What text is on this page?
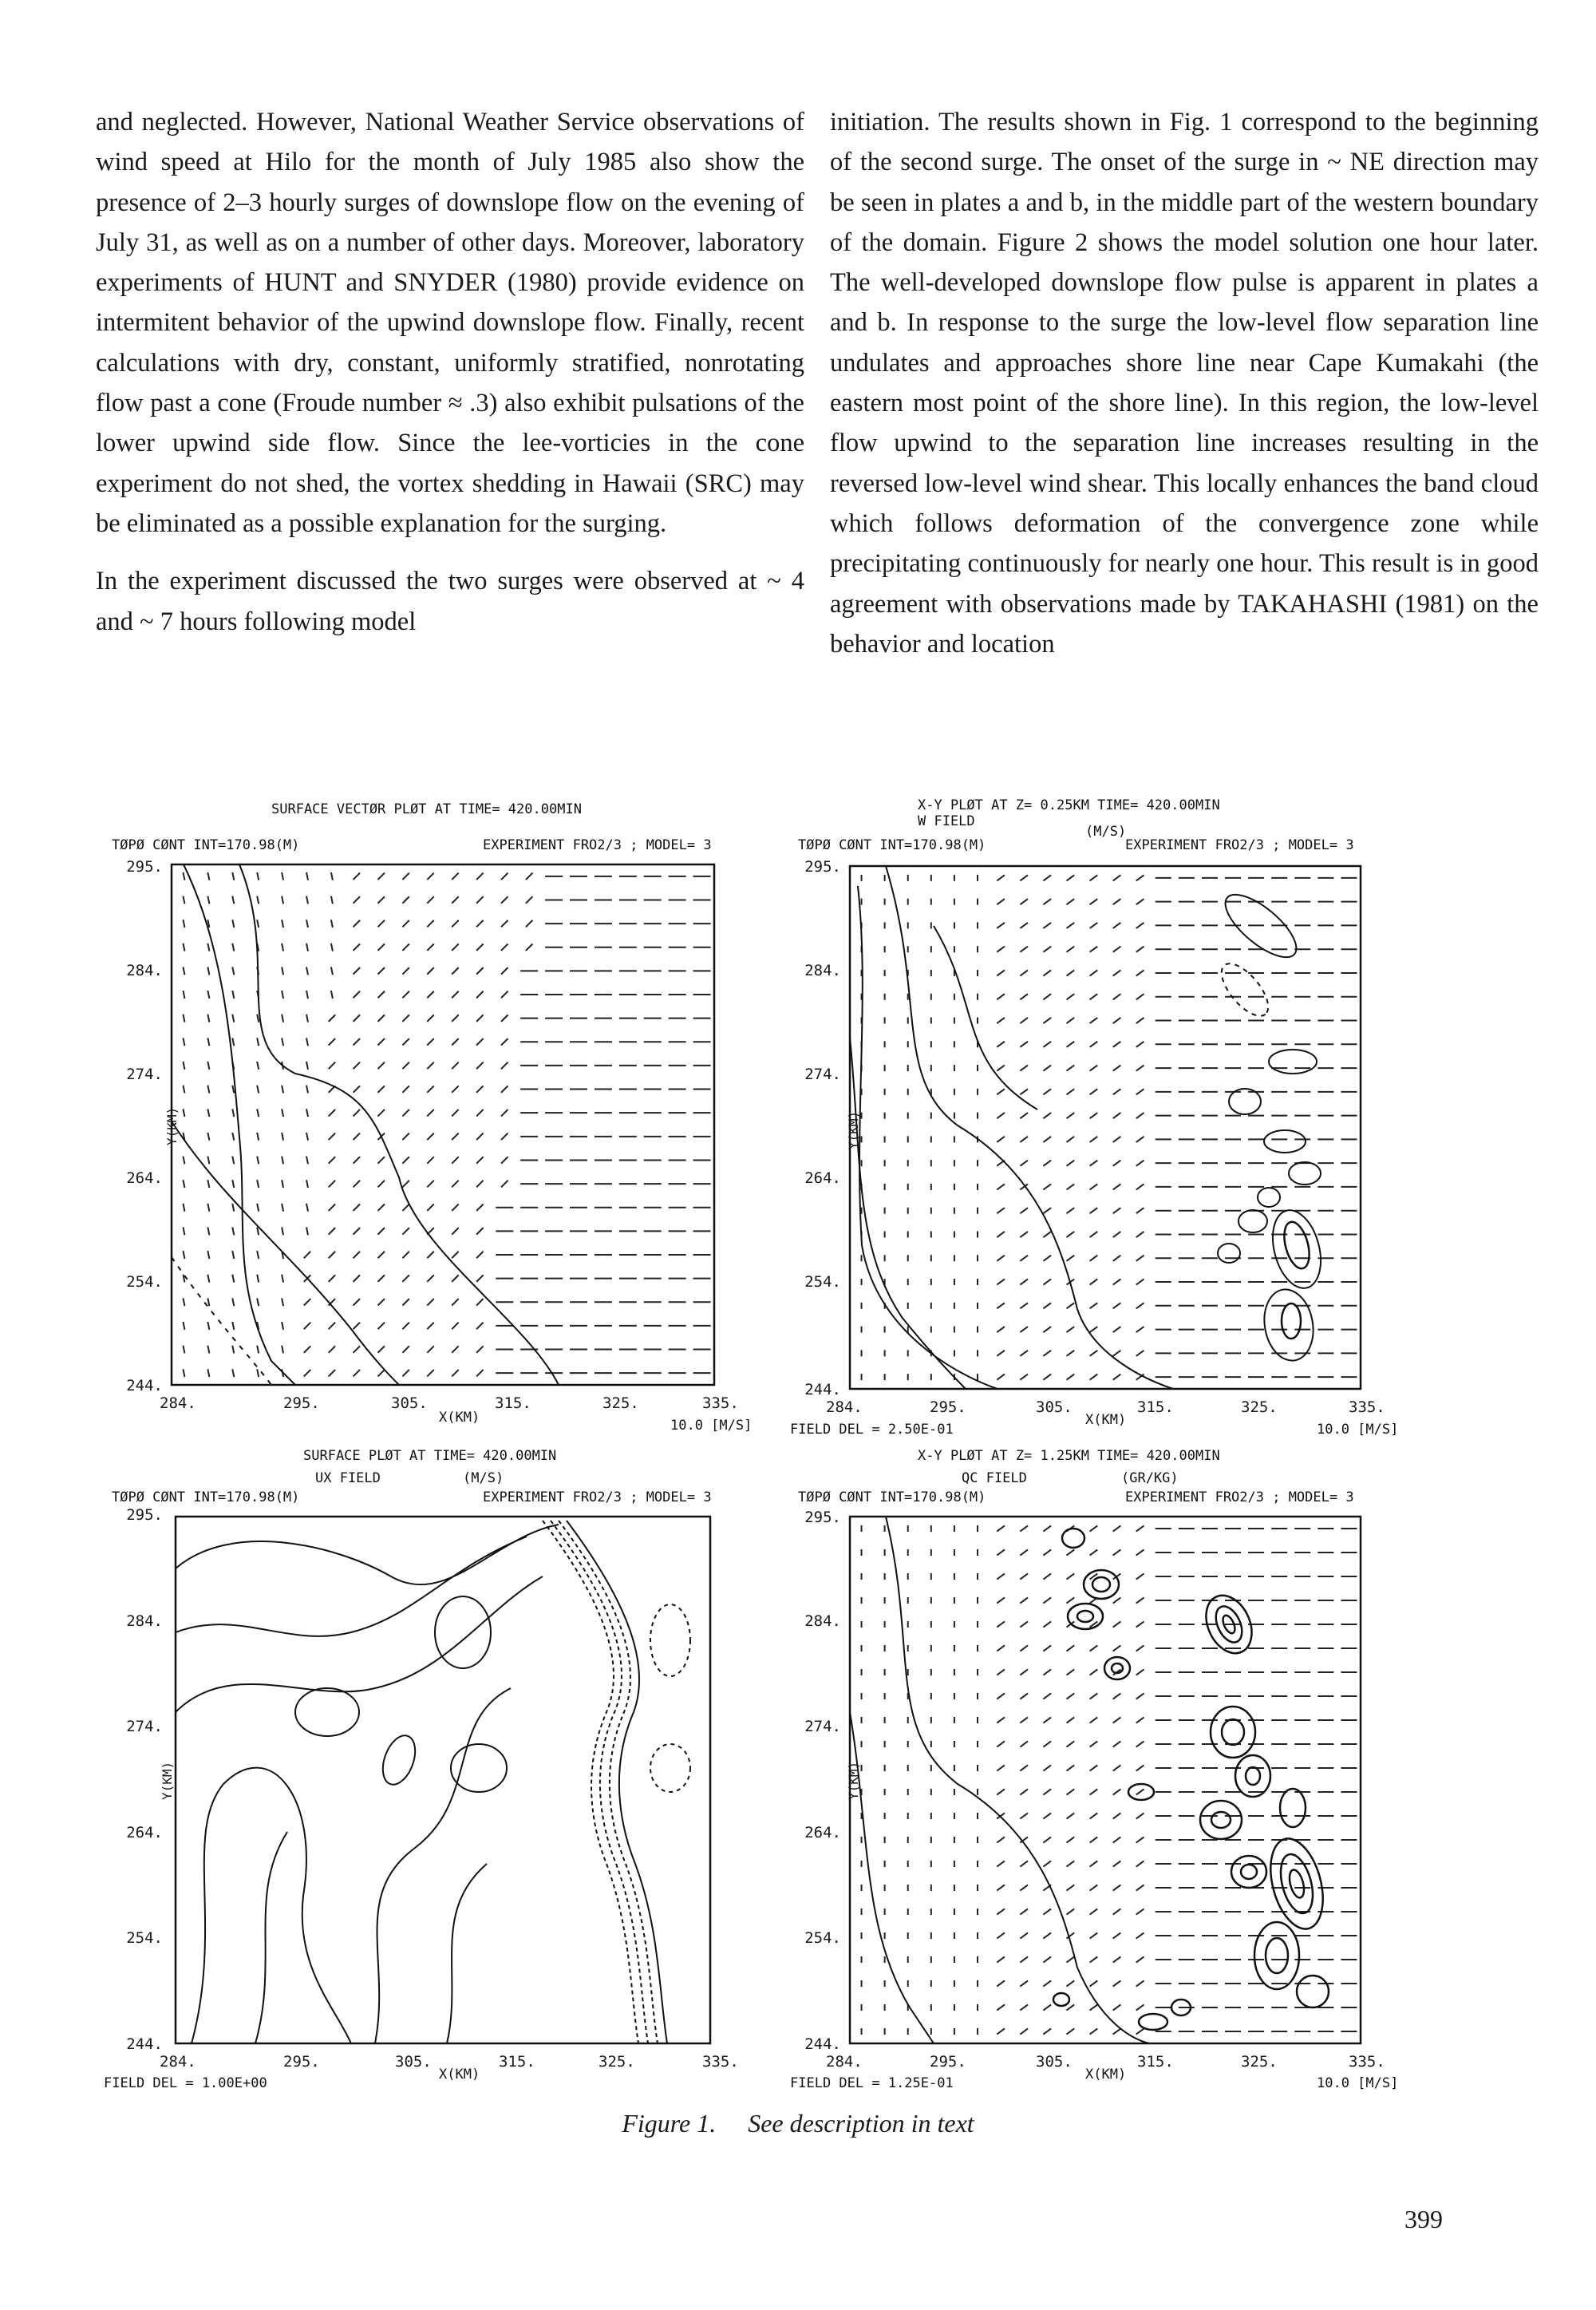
and neglected. However, National Weather Service observations of wind speed at Hilo for the month of July 1985 also show the presence of 2–3 hourly surges of downslope flow on the evening of July 31, as well as on a number of other days. Moreover, laboratory experiments of HUNT and SNYDER (1980) provide evidence on intermitent behavior of the upwind downslope flow. Finally, recent calculations with dry, constant, uniformly stratified, nonrotating flow past a cone (Froude number ≈ .3) also exhibit pulsations of the lower upwind side flow. Since the lee-vorticies in the cone experiment do not shed, the vortex shedding in Hawaii (SRC) may be eliminated as a possible explanation for the surging.

In the experiment discussed the two surges were observed at ~ 4 and ~ 7 hours following model

initiation. The results shown in Fig. 1 correspond to the beginning of the second surge. The onset of the surge in ~ NE direction may be seen in plates a and b, in the middle part of the western boundary of the domain. Figure 2 shows the model solution one hour later. The well-developed downslope flow pulse is apparent in plates a and b. In response to the surge the low-level flow separation line undulates and approaches shore line near Cape Kumakahi (the eastern most point of the shore line). In this region, the low-level flow upwind to the separation line increases resulting in the reversed low-level wind shear. This locally enhances the band cloud which follows deformation of the convergence zone while precipitating continuously for nearly one hour. This result is in good agreement with observations made by TAKAHASHI (1981) on the behavior and location

SURFACE VECTØR PLØT AT TIME= 420.00MIN
TØPØ CØNT INT=170.98(M)	EXPERIMENT FRO2/3 ; MODEL= 3
295.
284.
274.
264.
254.
244.
Y(KM)
284.	295.	305.	315.	325.	335.
X(KM)	10.0 [M/S]
X-Y PLØT AT Z= 0.25KM TIME= 420.00MIN
W FIELD
(M/S)
TØPØ CØNT INT=170.98(M)	EXPERIMENT FRO2/3 ; MODEL= 3
295.
284.
274.
264.
254.
244.
Y(KM)
284.	295.	305.	315.	325.	335.
X(KM)
FIELD DEL = 2.50E-01	10.0 [M/S]
SURFACE PLØT AT TIME= 420.00MIN
UX FIELD	(M/S)
TØPØ CØNT INT=170.98(M)	EXPERIMENT FRO2/3 ; MODEL= 3
295.
284.
274.
264.
254.
244.
Y(KM)
284.	295.	305.	315.	325.	335.
X(KM)
FIELD DEL = 1.00E+00
X-Y PLØT AT Z= 1.25KM TIME= 420.00MIN
QC FIELD	(GR/KG)
TØPØ CØNT INT=170.98(M)	EXPERIMENT FRO2/3 ; MODEL= 3
295.
284.
274.
264.
254.
244.
Y(KM)
284.	295.	305.	315.	325.	335.
X(KM)
FIELD DEL = 1.25E-01	10.0 [M/S]
Figure 1. See description in text
399
